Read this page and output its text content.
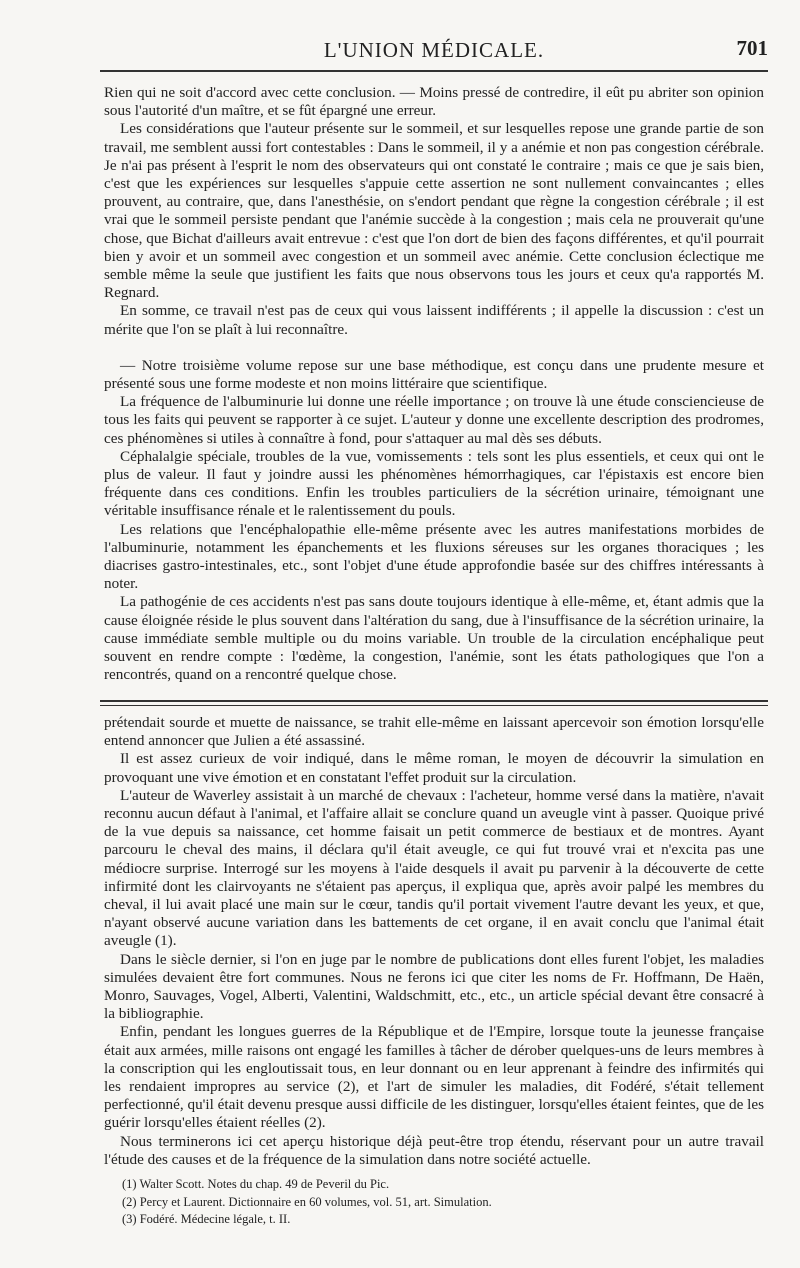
L'UNION MÉDICALE.	701

Rien qui ne soit d'accord avec cette conclusion. — Moins pressé de contredire, il eût pu abriter son opinion sous l'autorité d'un maître, et se fût épargné une erreur.

Les considérations que l'auteur présente sur le sommeil, et sur lesquelles repose une grande partie de son travail, me semblent aussi fort contestables : Dans le sommeil, il y a anémie et non pas congestion cérébrale. Je n'ai pas présent à l'esprit le nom des observateurs qui ont constaté le contraire ; mais ce que je sais bien, c'est que les expériences sur lesquelles s'appuie cette assertion ne sont nullement convaincantes ; elles prouvent, au contraire, que, dans l'anesthésie, on s'endort pendant que règne la congestion cérébrale ; il est vrai que le sommeil persiste pendant que l'anémie succède à la congestion ; mais cela ne prouverait qu'une chose, que Bichat d'ailleurs avait entrevue : c'est que l'on dort de bien des façons différentes, et qu'il pourrait bien y avoir et un sommeil avec congestion et un sommeil avec anémie. Cette conclusion éclectique me semble même la seule que justifient les faits que nous observons tous les jours et ceux qu'a rapportés M. Regnard.

En somme, ce travail n'est pas de ceux qui vous laissent indifférents ; il appelle la discussion : c'est un mérite que l'on se plaît à lui reconnaître.

— Notre troisième volume repose sur une base méthodique, est conçu dans une prudente mesure et présenté sous une forme modeste et non moins littéraire que scientifique.

La fréquence de l'albuminurie lui donne une réelle importance ; on trouve là une étude consciencieuse de tous les faits qui peuvent se rapporter à ce sujet. L'auteur y donne une excellente description des prodromes, ces phénomènes si utiles à connaître à fond, pour s'attaquer au mal dès ses débuts.

Céphalalgie spéciale, troubles de la vue, vomissements : tels sont les plus essentiels, et ceux qui ont le plus de valeur. Il faut y joindre aussi les phénomènes hémorrhagiques, car l'épistaxis est encore bien fréquente dans ces conditions. Enfin les troubles particuliers de la sécrétion urinaire, témoignant une véritable insuffisance rénale et le ralentissement du pouls.

Les relations que l'encéphalopathie elle-même présente avec les autres manifestations morbides de l'albuminurie, notamment les épanchements et les fluxions séreuses sur les organes thoraciques ; les diacrises gastro-intestinales, etc., sont l'objet d'une étude approfondie basée sur des chiffres intéressants à noter.

La pathogénie de ces accidents n'est pas sans doute toujours identique à elle-même, et, étant admis que la cause éloignée réside le plus souvent dans l'altération du sang, due à l'insuffisance de la sécrétion urinaire, la cause immédiate semble multiple ou du moins variable. Un trouble de la circulation encéphalique peut souvent en rendre compte : l'œdème, la congestion, l'anémie, sont les états pathologiques que l'on a rencontrés, quand on a rencontré quelque chose.

prétendait sourde et muette de naissance, se trahit elle-même en laissant apercevoir son émotion lorsqu'elle entend annoncer que Julien a été assassiné.

Il est assez curieux de voir indiqué, dans le même roman, le moyen de découvrir la simulation en provoquant une vive émotion et en constatant l'effet produit sur la circulation.

L'auteur de Waverley assistait à un marché de chevaux : l'acheteur, homme versé dans la matière, n'avait reconnu aucun défaut à l'animal, et l'affaire allait se conclure quand un aveugle vint à passer. Quoique privé de la vue depuis sa naissance, cet homme faisait un petit commerce de bestiaux et de montres. Ayant parcouru le cheval des mains, il déclara qu'il était aveugle, ce qui fut trouvé vrai et n'excita pas une médiocre surprise. Interrogé sur les moyens à l'aide desquels il avait pu parvenir à la découverte de cette infirmité dont les clairvoyants ne s'étaient pas aperçus, il expliqua que, après avoir palpé les membres du cheval, il lui avait placé une main sur le cœur, tandis qu'il portait vivement l'autre devant les yeux, et que, n'ayant observé aucune variation dans les battements de cet organe, il en avait conclu que l'animal était aveugle (1).

Dans le siècle dernier, si l'on en juge par le nombre de publications dont elles furent l'objet, les maladies simulées devaient être fort communes. Nous ne ferons ici que citer les noms de Fr. Hoffmann, De Haën, Monro, Sauvages, Vogel, Alberti, Valentini, Waldschmitt, etc., etc., un article spécial devant être consacré à la bibliographie.

Enfin, pendant les longues guerres de la République et de l'Empire, lorsque toute la jeunesse française était aux armées, mille raisons ont engagé les familles à tâcher de dérober quelques-uns de leurs membres à la conscription qui les engloutissait tous, en leur donnant ou en leur apprenant à feindre des infirmités qui les rendaient impropres au service (2), et l'art de simuler les maladies, dit Fodéré, s'était tellement perfectionné, qu'il était devenu presque aussi difficile de les distinguer, lorsqu'elles étaient feintes, que de les guérir lorsqu'elles étaient réelles (2).

Nous terminerons ici cet aperçu historique déjà peut-être trop étendu, réservant pour un autre travail l'étude des causes et de la fréquence de la simulation dans notre société actuelle.

(1) Walter Scott. Notes du chap. 49 de Peveril du Pic.
(2) Percy et Laurent. Dictionnaire en 60 volumes, vol. 51, art. Simulation.
(3) Fodéré. Médecine légale, t. II.
